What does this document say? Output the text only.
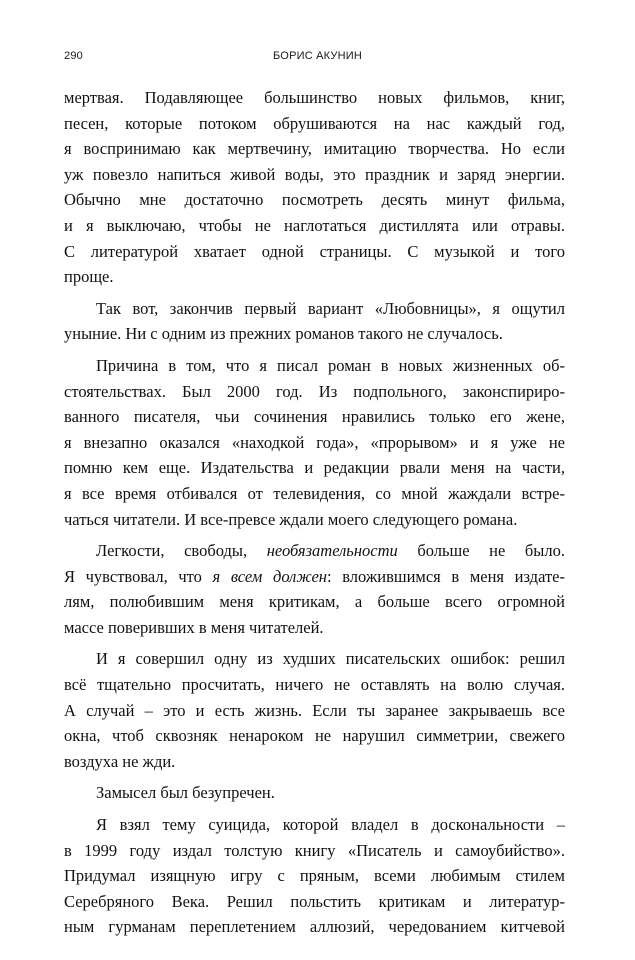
290	БОРИС АКУНИН

мертвая. Подавляющее большинство новых фильмов, книг,
песен, которые потоком обрушиваются на нас каждый год,
я воспринимаю как мертвечину, имитацию творчества. Но если
уж повезло напиться живой воды, это праздник и заряд энергии.
Обычно мне достаточно посмотреть десять минут фильма,
и я выключаю, чтобы не наглотаться дистиллята или отравы.
С литературой хватает одной страницы. С музыкой и того
проще.

Так вот, закончив первый вариант «Любовницы», я ощутил
уныние. Ни с одним из прежних романов такого не случалось.

Причина в том, что я писал роман в новых жизненных об-
стоятельствах. Был 2000 год. Из подпольного, законспириро-
ванного писателя, чьи сочинения нравились только его жене,
я внезапно оказался «находкой года», «прорывом» и я уже не
помню кем еще. Издательства и редакции рвали меня на части,
я все время отбивался от телевидения, со мной жаждали встре-
чаться читатели. И все-превсе ждали моего следующего романа.

Легкости, свободы, необязательности больше не было.
Я чувствовал, что я всем должен: вложившимся в меня издате-
лям, полюбившим меня критикам, а больше всего огромной
массе поверивших в меня читателей.

И я совершил одну из худших писательских ошибок: решил
всё тщательно просчитать, ничего не оставлять на волю случая.
А случай – это и есть жизнь. Если ты заранее закрываешь все
окна, чтоб сквозняк ненароком не нарушил симметрии, свежего
воздуха не жди.

Замысел был безупречен.

Я взял тему суицида, которой владел в доскональности –
в 1999 году издал толстую книгу «Писатель и самоубийство».
Придумал изящную игру с пряным, всеми любимым стилем
Серебряного Века. Решил польстить критикам и литератур-
ным гурманам переплетением аллюзий, чередованием китчевой
